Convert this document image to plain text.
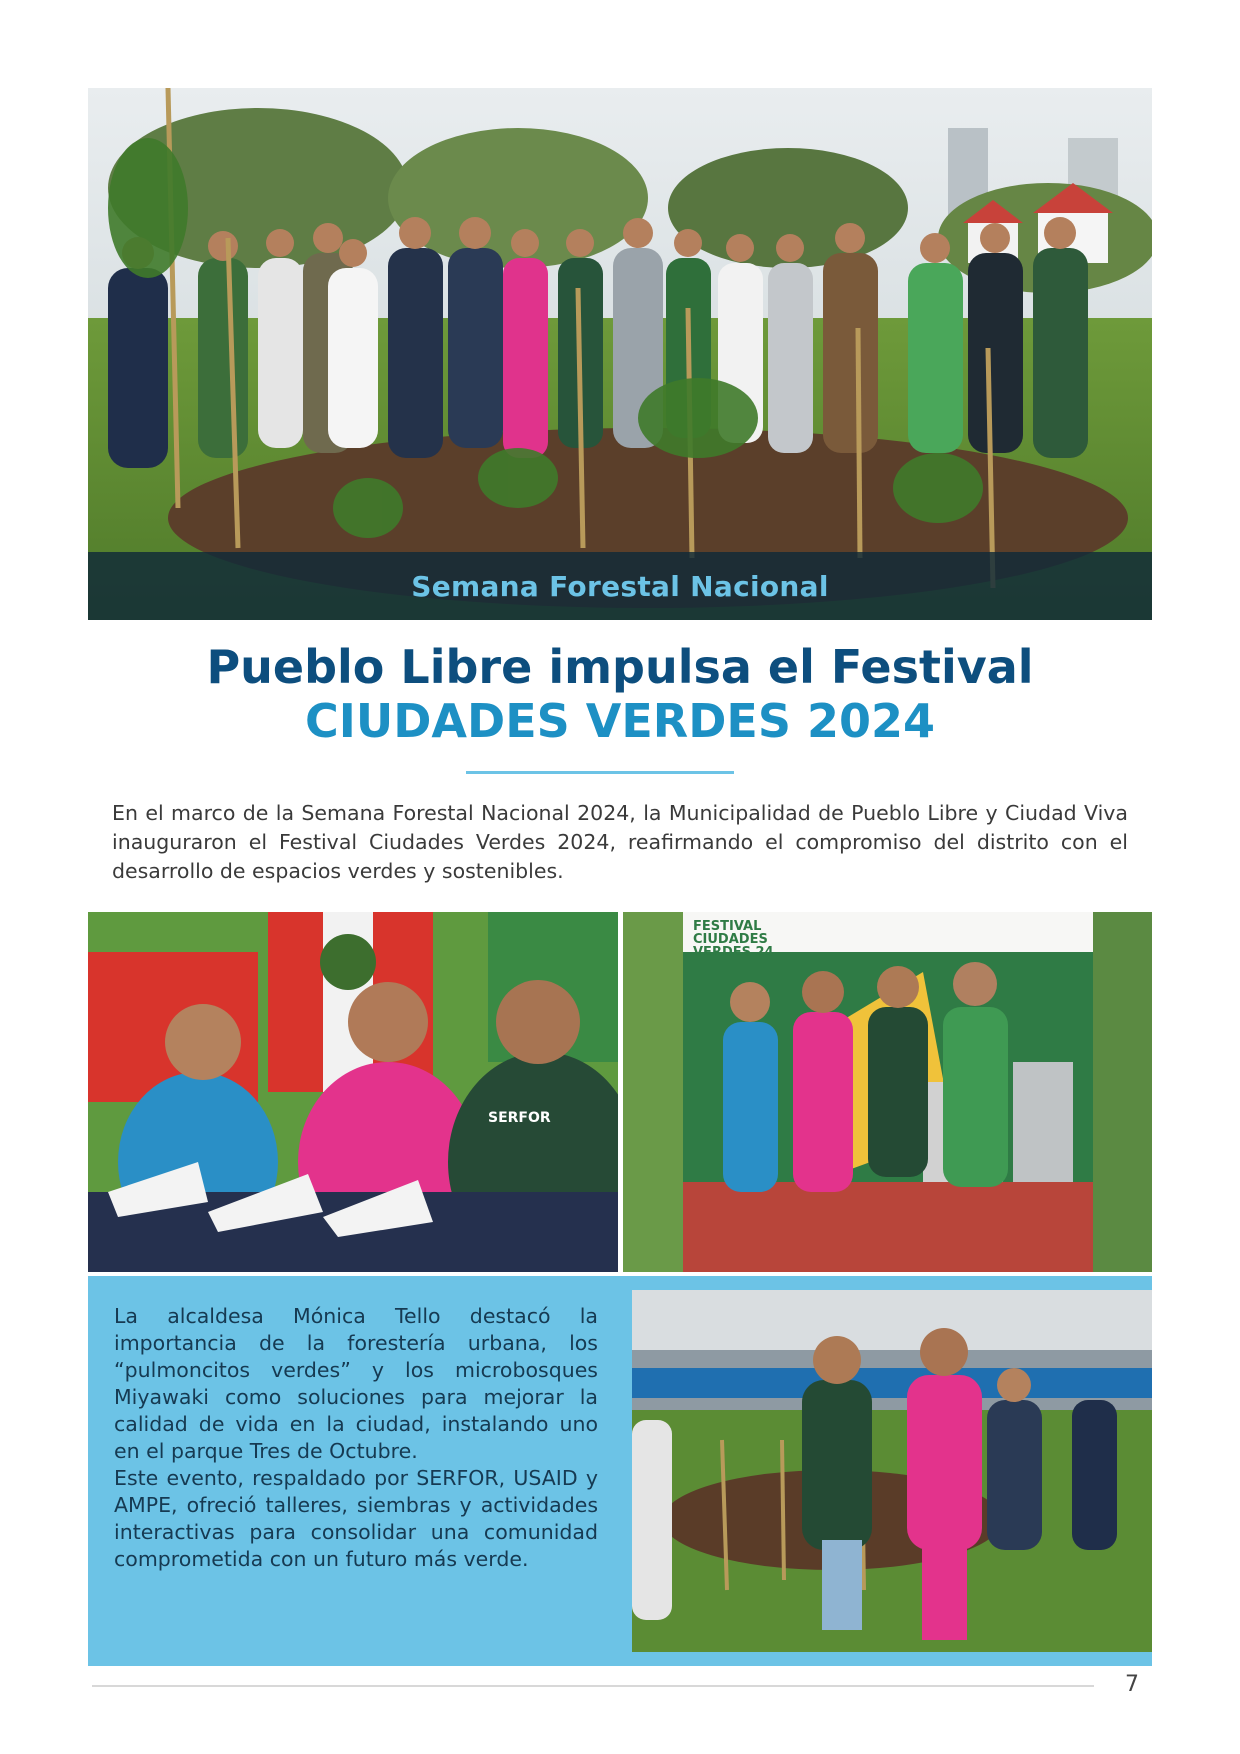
Semana Forestal Nacional
Pueblo Libre impulsa el Festival
CIUDADES VERDES 2024

En el marco de la Semana Forestal Nacional 2024, la Municipalidad de Pueblo Libre y Ciudad Viva inauguraron el Festival Ciudades Verdes 2024, reafirmando el compromiso del distrito con el desarrollo de espacios verdes y sostenibles.

SERFOR
FESTIVAL
CIUDADES
VERDES 24

La alcaldesa Mónica Tello destacó la importancia de la forestería urbana, los “pulmoncitos verdes” y los microbosques Miyawaki como soluciones para mejorar la calidad de vida en la ciudad, instalando uno en el parque Tres de Octubre.

Este evento, respaldado por SERFOR, USAID y AMPE, ofreció talleres, siembras y actividades interactivas para consolidar una comunidad comprometida con un futuro más verde.

7
